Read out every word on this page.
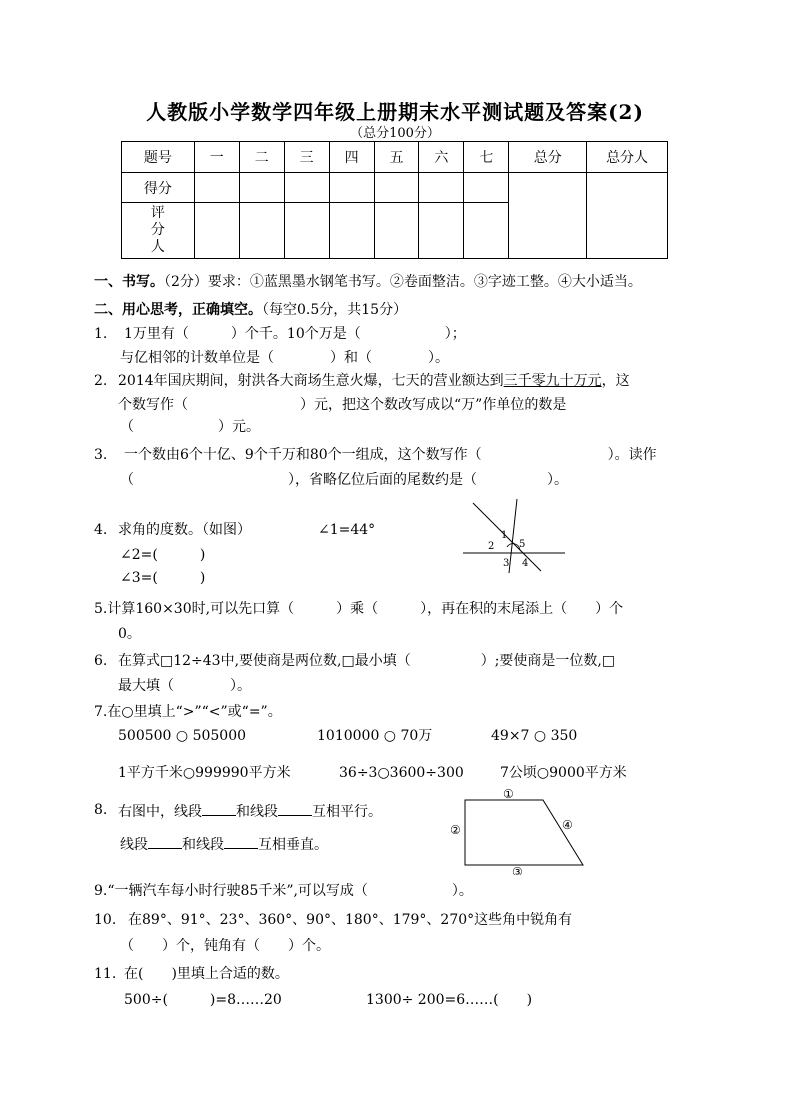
人教版小学数学四年级上册期末水平测试题及答案(2)
（总分100分）
题号	一	二	三	四	五	六	七	总分	总分人
得分									
评
分
人									
一、书写。（2分）要求：①蓝黑墨水钢笔书写。②卷面整洁。③字迹工整。④大小适当。
二、用心思考，正确填空。（每空0.5分，共15分）
1. 1万里有（　　　）个千。10个万是（　　　　　　）；
与亿相邻的计数单位是（　　　　）和（　　　　）。
2. 2014年国庆期间，射洪各大商场生意火爆，七天的营业额达到三千零九十万元，这
个数写作（　　　　　　　　）元，把这个数改写成以“万”作单位的数是
（　　　　　　）元。
3. 一个数由6个十亿、9个千万和80个一组成，这个数写作（　　　　　　　　　）。读作
（　　　　　　　　　　　），省略亿位后面的尾数约是（　　　　　）。
4. 求角的度数。（如图）	∠1=44°
∠2=(　　　)
∠3=(　　　)
1
2
3 4
5
5.计算160×30时,可以先口算（　　　）乘（　　　），再在积的末尾添上（　　）个
0。
6. 在算式□12÷43中,要使商是两位数,□最小填（　　　　　）;要使商是一位数,□
最大填（　　　　）。
7.在○里填上“>”“<”或“=”。
500500 ○ 505000	1010000 ○ 70万	49×7 ○ 350
1平方千米○999990平方米	36÷3○3600÷300	7公顷○9000平方米
8. 右图中，线段 和线段 互相平行。
线段 和线段 互相垂直。
①
②
③
④
9.“一辆汽车每小时行驶85千米”,可以写成（　　　　　　）。
10. 在89°、91°、23°、360°、90°、180°、179°、270°这些角中锐角有
（　　）个，钝角有（　　）个。
11. 在(　　)里填上合适的数。
500÷(　　　)=8……20	1300÷ 200=6……(　　)
